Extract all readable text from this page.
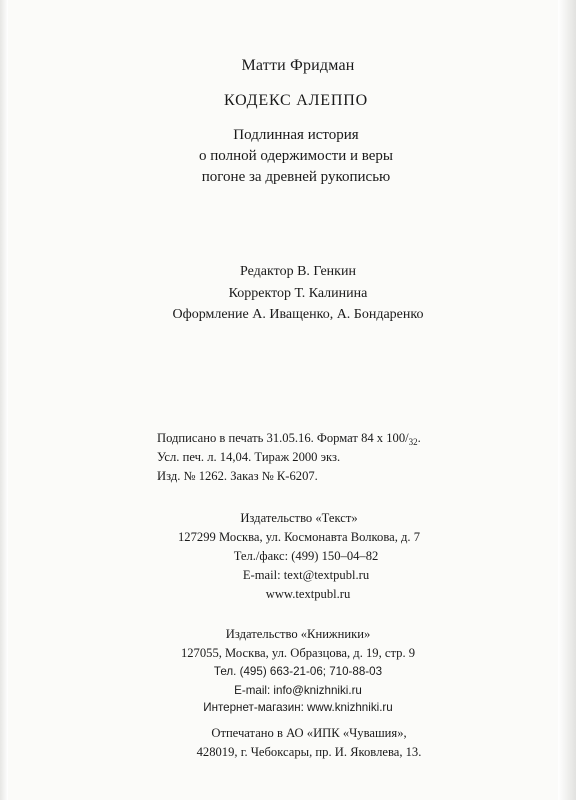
Матти Фридман
КОДЕКС АЛЕППО
Подлинная история
о полной одержимости и веры
погоне за древней рукописью
Редактор В. Генкин
Корректор Т. Калинина
Оформление А. Иващенко, А. Бондаренко
Подписано в печать 31.05.16. Формат 84 х $100/_{32}$.
Усл. печ. л. 14,04. Тираж 2000 экз.
Изд. № 1262. Заказ № К-6207.
Издательство «Текст»
127299 Москва, ул. Космонавта Волкова, д. 7
Тел./факс: (499) 150–04–82
E-mail: text@textpubl.ru
www.textpubl.ru
Издательство «Книжники»
127055, Москва, ул. Образцова, д. 19, стр. 9
Тел. (495) 663-21-06; 710-88-03
E-mail: info@knizhniki.ru
Интернет-магазин: www.knizhniki.ru
Отпечатано в АО «ИПК «Чувашия»,
428019, г. Чебоксары, пр. И. Яковлева, 13.
